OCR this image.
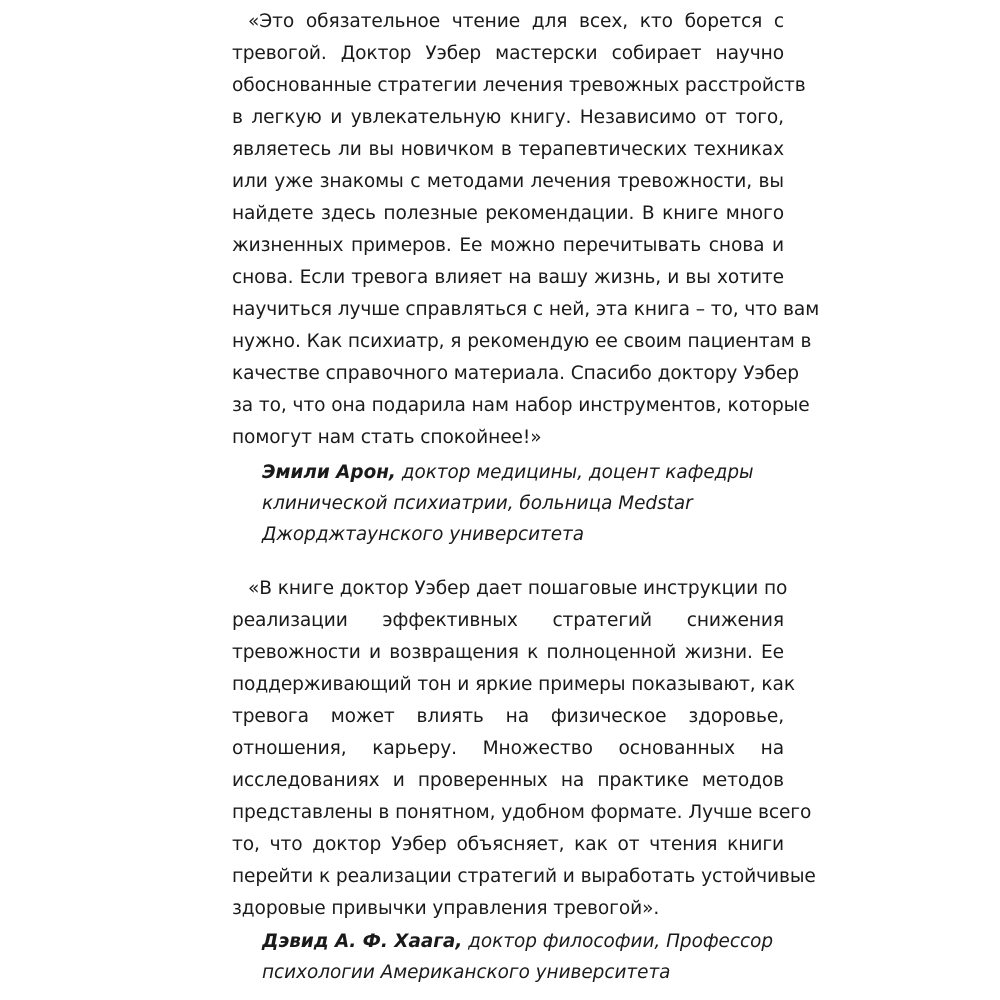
«Это обязательное чтение для всех, кто борется с
тревогой. Доктор Уэбер мастерски собирает научно
обоснованные стратегии лечения тревожных расстройств
в легкую и увлекательную книгу. Независимо от того,
являетесь ли вы новичком в терапевтических техниках
или уже знакомы с методами лечения тревожности, вы
найдете здесь полезные рекомендации. В книге много
жизненных примеров. Ее можно перечитывать снова и
снова. Если тревога влияет на вашу жизнь, и вы хотите
научиться лучше справляться с ней, эта книга – то, что вам
нужно. Как психиатр, я рекомендую ее своим пациентам в
качестве справочного материала. Спасибо доктору Уэбер
за то, что она подарила нам набор инструментов, которые
помогут нам стать спокойнее!»
Эмили Арон, доктор медицины, доцент кафедры
клинической психиатрии, больница Medstar
Джорджтаунского университета
«В книге доктор Уэбер дает пошаговые инструкции по
реализации эффективных стратегий снижения
тревожности и возвращения к полноценной жизни. Ее
поддерживающий тон и яркие примеры показывают, как
тревога может влиять на физическое здоровье,
отношения, карьеру. Множество основанных на
исследованиях и проверенных на практике методов
представлены в понятном, удобном формате. Лучше всего
то, что доктор Уэбер объясняет, как от чтения книги
перейти к реализации стратегий и выработать устойчивые
здоровые привычки управления тревогой».
Дэвид А. Ф. Хаага, доктор философии, Профессор
психологии Американского университета
